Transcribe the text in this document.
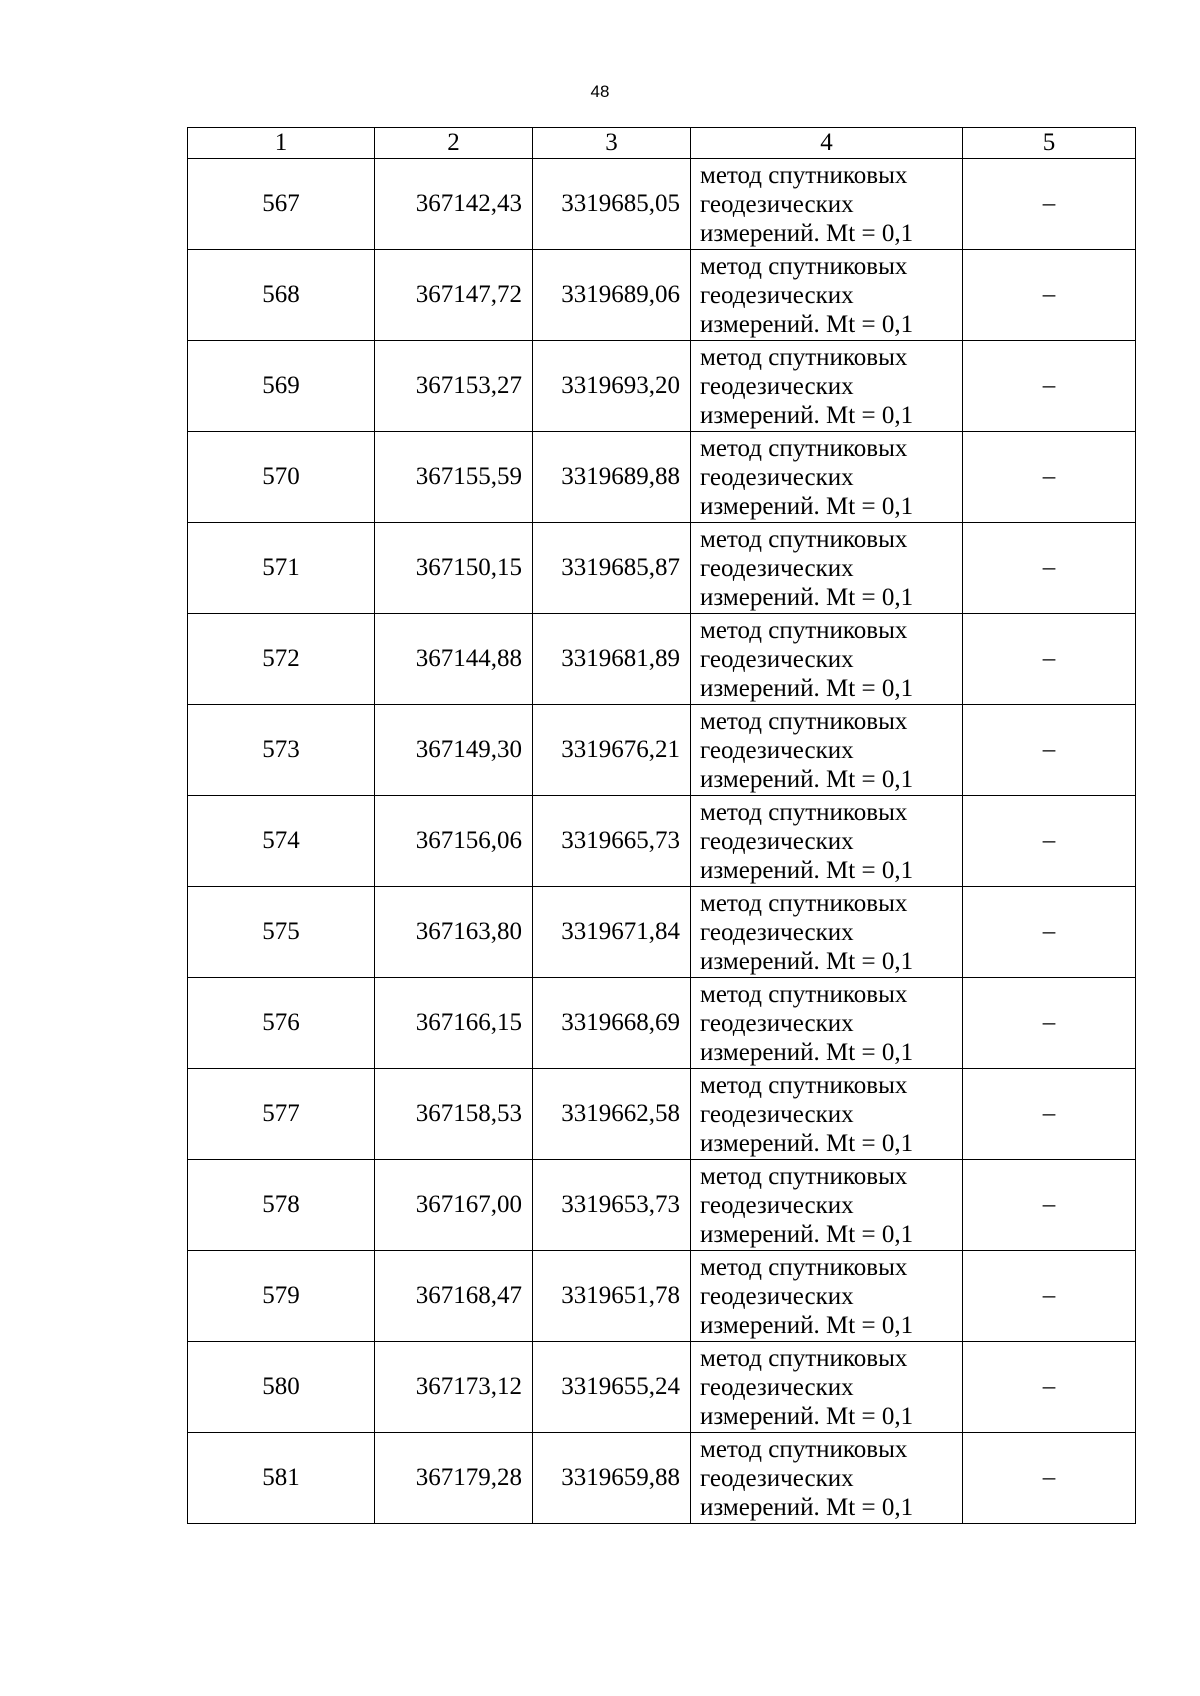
48
1	2	3	4	5
567	367142,43	3319685,05	метод спутниковых
геодезических
измерений. Mt = 0,1	–
568	367147,72	3319689,06	метод спутниковых
геодезических
измерений. Mt = 0,1	–
569	367153,27	3319693,20	метод спутниковых
геодезических
измерений. Mt = 0,1	–
570	367155,59	3319689,88	метод спутниковых
геодезических
измерений. Mt = 0,1	–
571	367150,15	3319685,87	метод спутниковых
геодезических
измерений. Mt = 0,1	–
572	367144,88	3319681,89	метод спутниковых
геодезических
измерений. Mt = 0,1	–
573	367149,30	3319676,21	метод спутниковых
геодезических
измерений. Mt = 0,1	–
574	367156,06	3319665,73	метод спутниковых
геодезических
измерений. Mt = 0,1	–
575	367163,80	3319671,84	метод спутниковых
геодезических
измерений. Mt = 0,1	–
576	367166,15	3319668,69	метод спутниковых
геодезических
измерений. Mt = 0,1	–
577	367158,53	3319662,58	метод спутниковых
геодезических
измерений. Mt = 0,1	–
578	367167,00	3319653,73	метод спутниковых
геодезических
измерений. Mt = 0,1	–
579	367168,47	3319651,78	метод спутниковых
геодезических
измерений. Mt = 0,1	–
580	367173,12	3319655,24	метод спутниковых
геодезических
измерений. Mt = 0,1	–
581	367179,28	3319659,88	метод спутниковых
геодезических
измерений. Mt = 0,1	–
